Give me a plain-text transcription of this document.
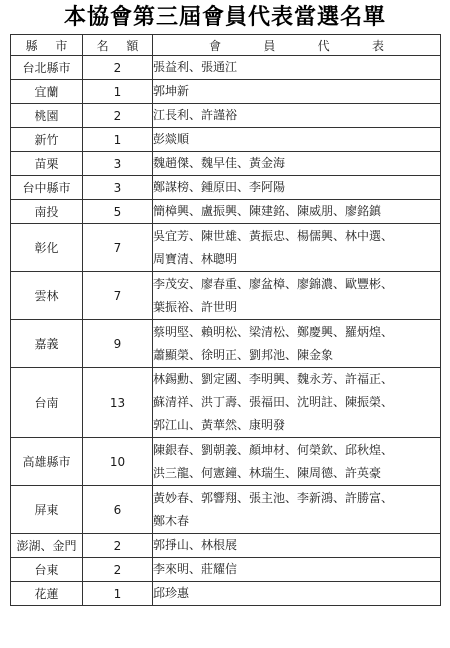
本協會第三屆會員代表當選名單
縣 市	名 額	會 員 代 表
台北縣市	2	張益利、張通江

宜蘭	1	郭坤新

桃園	2	江長利、許謹裕

新竹	1	彭燚順

苗栗	3	魏趙傑、魏早佳、黃金海

台中縣市	3	鄭謀榜、鍾原田、李阿陽

南投	5	簡樟興、盧振興、陳建銘、陳威朋、廖銘鎮

彰化	7	吳宜芳、陳世雄、黃振忠、楊儒興、林中選、
周寶清、林聰明

雲林	7	李茂安、廖春重、廖盆樟、廖錦濃、歐豐彬、
葉振裕、許世明

嘉義	9	蔡明堅、賴明松、梁清松、鄭慶興、羅炳煌、
蕭顯榮、徐明正、劉邦池、陳金象

台南	13	林錫勳、劉定國、李明興、魏永芳、許福正、
蘇清祥、洪丁壽、張福田、沈明註、陳振榮、
郭江山、黃華然、康明發

高雄縣市	10	陳銀春、劉朝義、顏坤材、何榮欽、邱秋煌、
洪三龍、何憲鐘、林瑞生、陳周德、許英豪

屏東	6	黃妙春、郭響翔、張主池、李新鴻、許勝富、
鄭木春

澎湖、金門	2	郭掙山、林根展

台東	2	李來明、莊耀信

花蓮	1	邱珍惠
